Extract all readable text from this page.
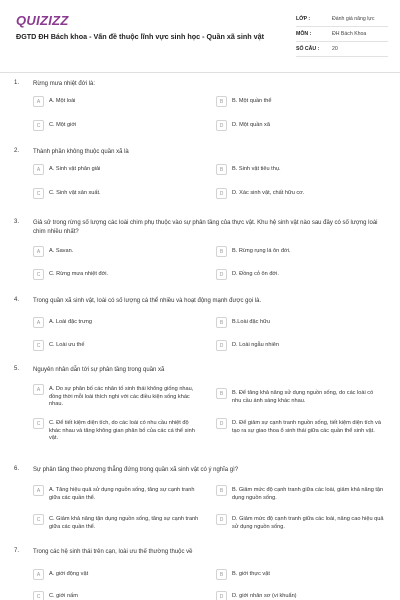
QUIZIZZ
ĐGTD ĐH Bách khoa - Vấn đề thuộc lĩnh vực sinh học - Quần xã sinh vật
LỚP :	Đánh giá năng lực
MÔN :	ĐH Bách Khoa
SỐ CÂU :	20
1. Rừng mưa nhiệt đới là:
A	A. Một loài	B	B. Một quần thể
C	C. Một giới	D	D. Một quần xã
2. Thành phần không thuộc quần xã là
A	A. Sinh vật phân giải	B	B. Sinh vật tiêu thụ.
C	C. Sinh vật sản xuất.	D	D. Xác sinh vật, chất hữu cơ.
3. Giả sử trong rừng số lượng các loài chim phụ thuộc vào sự phân tầng của thực vật. Khu hệ sinh vật nào sau đây có số lượng loài chim nhiều nhất?
A	A. Savan.	B	B. Rừng rụng lá ôn đới.
C	C. Rừng mưa nhiệt đới.	D	D. Đồng cỏ ôn đới.
4. Trong quần xã sinh vật, loài có số lượng cá thể nhiều và hoạt động mạnh được gọi là.
A	A. Loài đặc trưng	B	B.Loài đặc hữu
C	C. Loài ưu thế	D	D. Loài ngẫu nhiên
5. Nguyên nhân dẫn tới sự phân tầng trong quần xã
A	A. Do sự phân bố các nhân tố sinh thái không giống nhau, đồng thời mỗi loài thích nghi với các điều kiện sống khác nhau.
B	B. Để tăng khả năng sử dụng nguồn sống, do các loài có nhu cầu ánh sáng khác nhau.
C	C. Để tiết kiệm diện tích, do các loài có nhu cầu nhiệt độ khác nhau và tăng không gian phân bố của các cá thể sinh vật.
D	D. Để giảm sự cạnh tranh nguồn sống, tiết kiệm diện tích và tạo ra sự giao thoa ổ sinh thái giữa các quần thể sinh vật.
6. Sự phân tầng theo phương thẳng đứng trong quần xã sinh vật có ý nghĩa gì?
A	A. Tăng hiệu quả sử dụng nguồn sống, tăng sự cạnh tranh giữa các quần thể.
B	B. Giảm mức độ cạnh tranh giữa các loài, giảm khả năng tận dụng nguồn sống.
C	C. Giảm khả năng tận dụng nguồn sống, tăng sự cạnh tranh giữa các quần thể.
D	D. Giảm mức độ cạnh tranh giữa các loài, nâng cao hiệu quả sử dụng nguồn sống.
7. Trong các hệ sinh thái trên cạn, loài ưu thế thường thuộc về
A	A. giới động vật	B	B. giới thực vật
C	C. giới nấm	D	D. giới nhân sơ (vi khuẩn)
